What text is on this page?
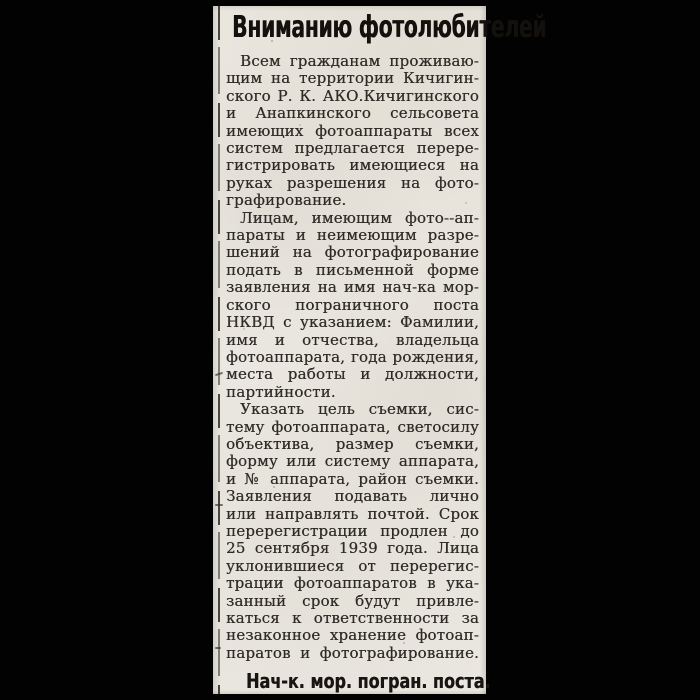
Вниманию фотолюбителей
Всем гражданам проживаю-
щим на территории Кичигин-
ского Р. К. АКО.Кичигинского
и Анапкинского сельсовета
имеющих фотоаппараты всех
систем предлагается перере-
гистрировать имеющиеся на
руках разрешения на фото-
графирование.
Лицам, имеющим фото--ап-
параты и неимеющим разре-
шений на фотографирование
подать в письменной форме
заявления на имя нач-ка мор-
ского пограничного поста
НКВД с указанием: Фамилии,
имя и отчества, владельца
фотоаппарата, года рождения,
места работы и должности,
партийности.
Указать цель съемки, сис-
тему фотоаппарата, светосилу
объектива, размер съемки,
форму или систему аппарата,
и № аппарата, район съемки.
Заявления подавать лично
или направлять почтой. Срок
перерегистрации продлен до
25 сентября 1939 года. Лица
уклонившиеся от перерегис-
трации фотоаппаратов в ука-
занный срок будут привле-
каться к ответственности за
незаконное хранение фотоап-
паратов и фотографирование.
Нач-к. мор. погран. поста.
